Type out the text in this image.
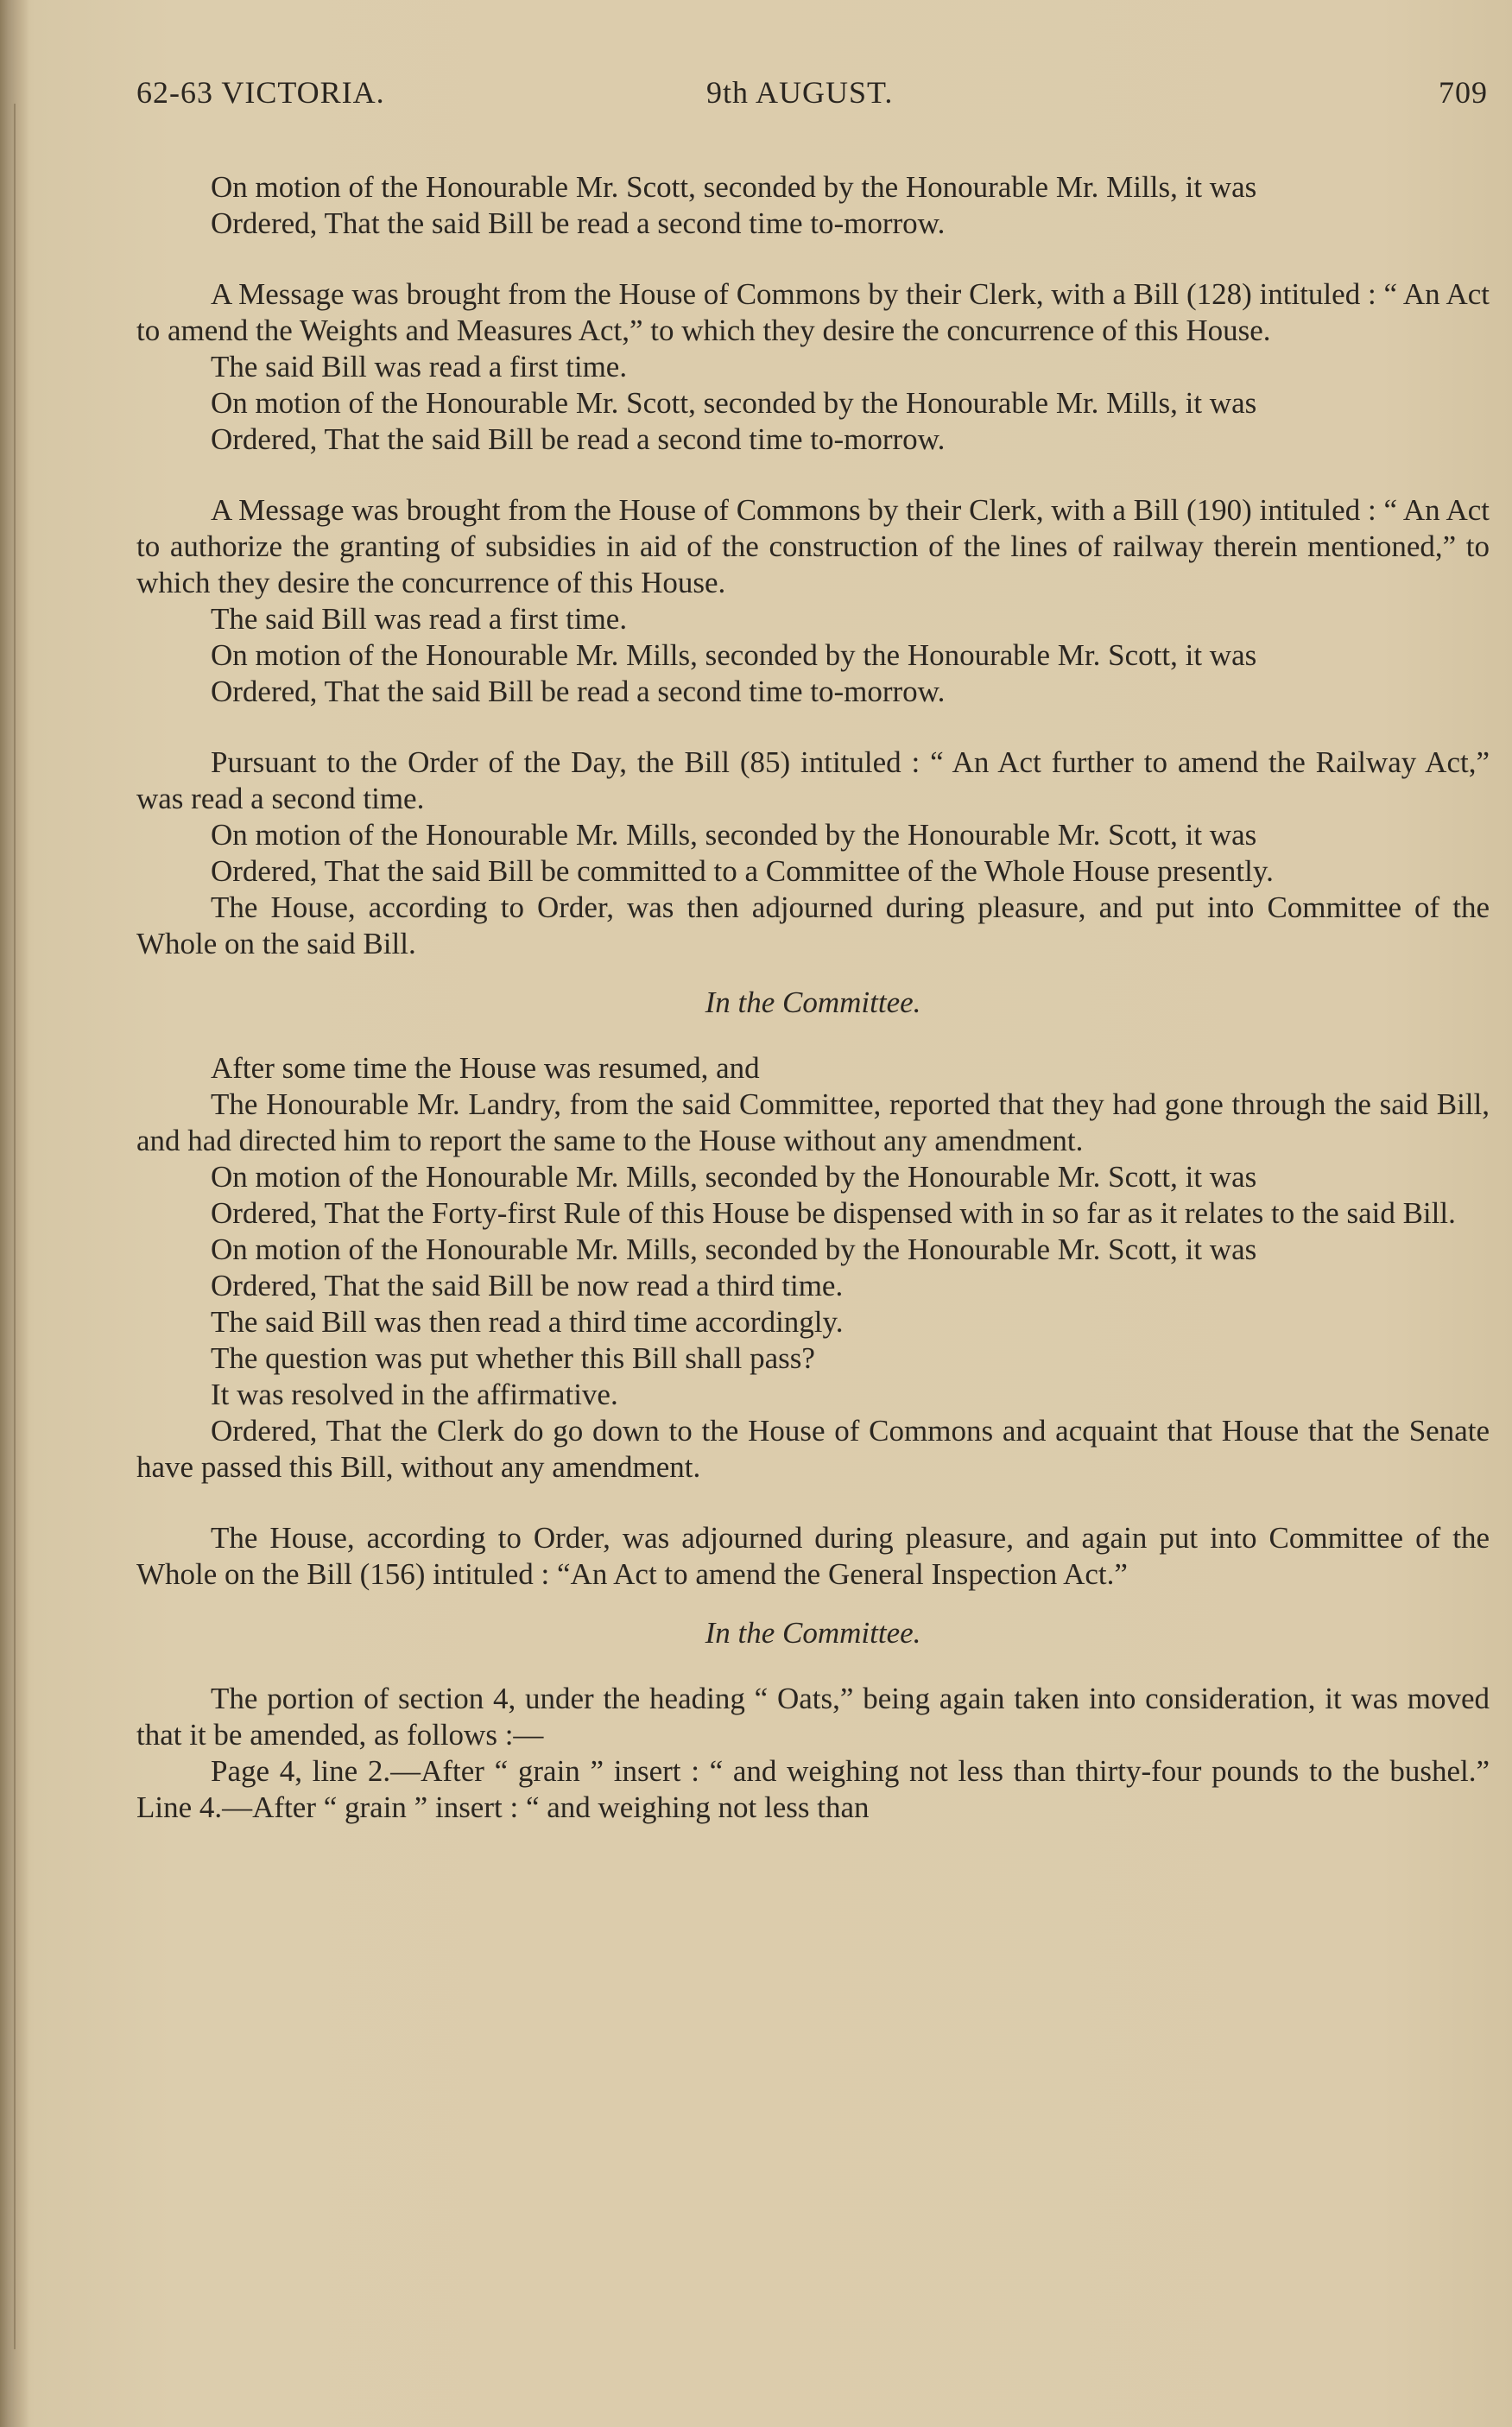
62-63 VICTORIA.	9th AUGUST.	709

On motion of the Honourable Mr. Scott, seconded by the Honourable Mr. Mills, it was

Ordered, That the said Bill be read a second time to-morrow.

A Message was brought from the House of Commons by their Clerk, with a Bill (128) intituled : “ An Act to amend the Weights and Measures Act,” to which they desire the concurrence of this House.

The said Bill was read a first time.

On motion of the Honourable Mr. Scott, seconded by the Honourable Mr. Mills, it was

Ordered, That the said Bill be read a second time to-morrow.

A Message was brought from the House of Commons by their Clerk, with a Bill (190) intituled : “ An Act to authorize the granting of subsidies in aid of the construction of the lines of railway therein mentioned,” to which they desire the concurrence of this House.

The said Bill was read a first time.

On motion of the Honourable Mr. Mills, seconded by the Honourable Mr. Scott, it was

Ordered, That the said Bill be read a second time to-morrow.

Pursuant to the Order of the Day, the Bill (85) intituled : “ An Act further to amend the Railway Act,” was read a second time.

On motion of the Honourable Mr. Mills, seconded by the Honourable Mr. Scott, it was

Ordered, That the said Bill be committed to a Committee of the Whole House presently.

The House, according to Order, was then adjourned during pleasure, and put into Committee of the Whole on the said Bill.

In the Committee.

After some time the House was resumed, and

The Honourable Mr. Landry, from the said Committee, reported that they had gone through the said Bill, and had directed him to report the same to the House without any amendment.

On motion of the Honourable Mr. Mills, seconded by the Honourable Mr. Scott, it was

Ordered, That the Forty-first Rule of this House be dispensed with in so far as it relates to the said Bill.

On motion of the Honourable Mr. Mills, seconded by the Honourable Mr. Scott, it was

Ordered, That the said Bill be now read a third time.

The said Bill was then read a third time accordingly.

The question was put whether this Bill shall pass?

It was resolved in the affirmative.

Ordered, That the Clerk do go down to the House of Commons and acquaint that House that the Senate have passed this Bill, without any amendment.

The House, according to Order, was adjourned during pleasure, and again put into Committee of the Whole on the Bill (156) intituled : “An Act to amend the General Inspection Act.”

In the Committee.

The portion of section 4, under the heading “ Oats,” being again taken into consideration, it was moved that it be amended, as follows :—

Page 4, line 2.—After “ grain ” insert : “ and weighing not less than thirty-four pounds to the bushel.” Line 4.—After “ grain ” insert : “ and weighing not less than
